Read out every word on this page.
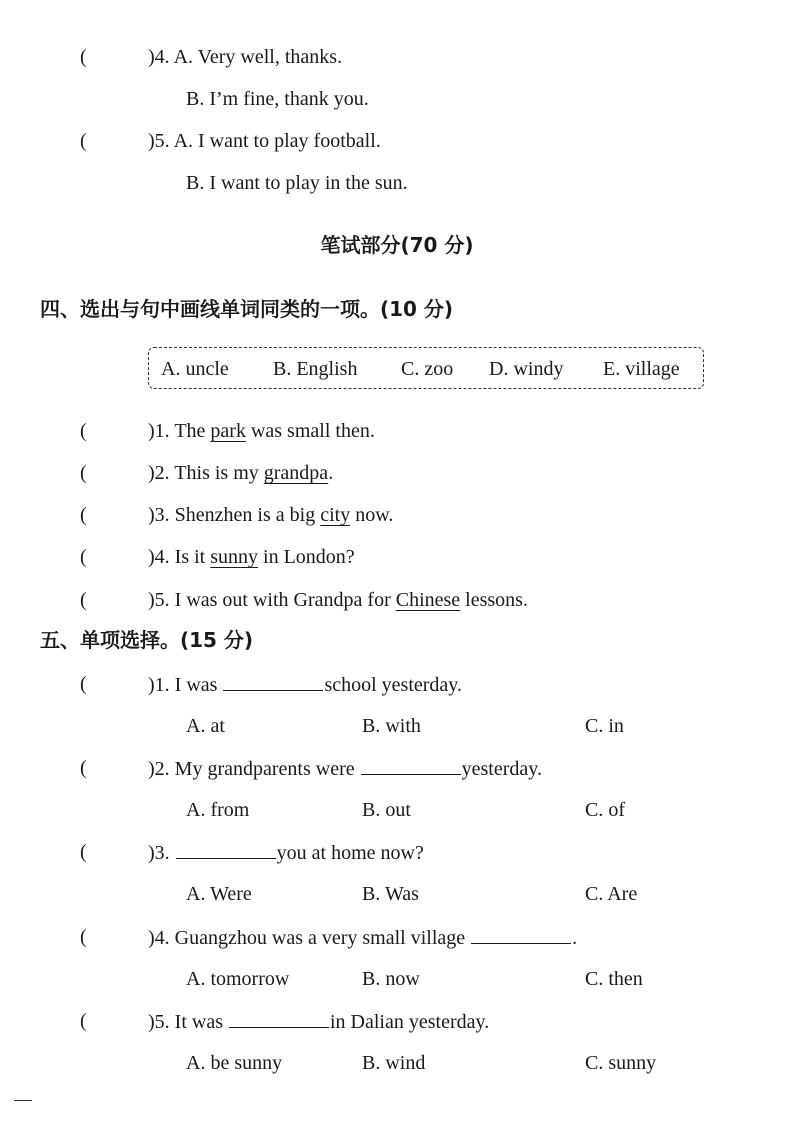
(	)4. A. Very well, thanks.
B. I’m fine, thank you.
(	)5. A. I want to play football.
B. I want to play in the sun.
笔试部分(70 分)
四、选出与句中画线单词同类的一项。(10 分)
A. uncle B. English C. zoo D. windy E. village
(	)1. The park was small then.
(	)2. This is my grandpa.
(	)3. Shenzhen is a big city now.
(	)4. Is it sunny in London?
(	)5. I was out with Grandpa for Chinese lessons.
五、单项选择。(15 分)
(	)1. I was	school yesterday.
A. at	B. with	C. in
(	)2. My grandparents were	yesterday.
A. from	B. out	C. of
(	)3.	you at home now?
A. Were	B. Was	C. Are
(	)4. Guangzhou was a very small village	.
A. tomorrow	B. now	C. then
(	)5. It was	in Dalian yesterday.
A. be sunny	B. wind	C. sunny
